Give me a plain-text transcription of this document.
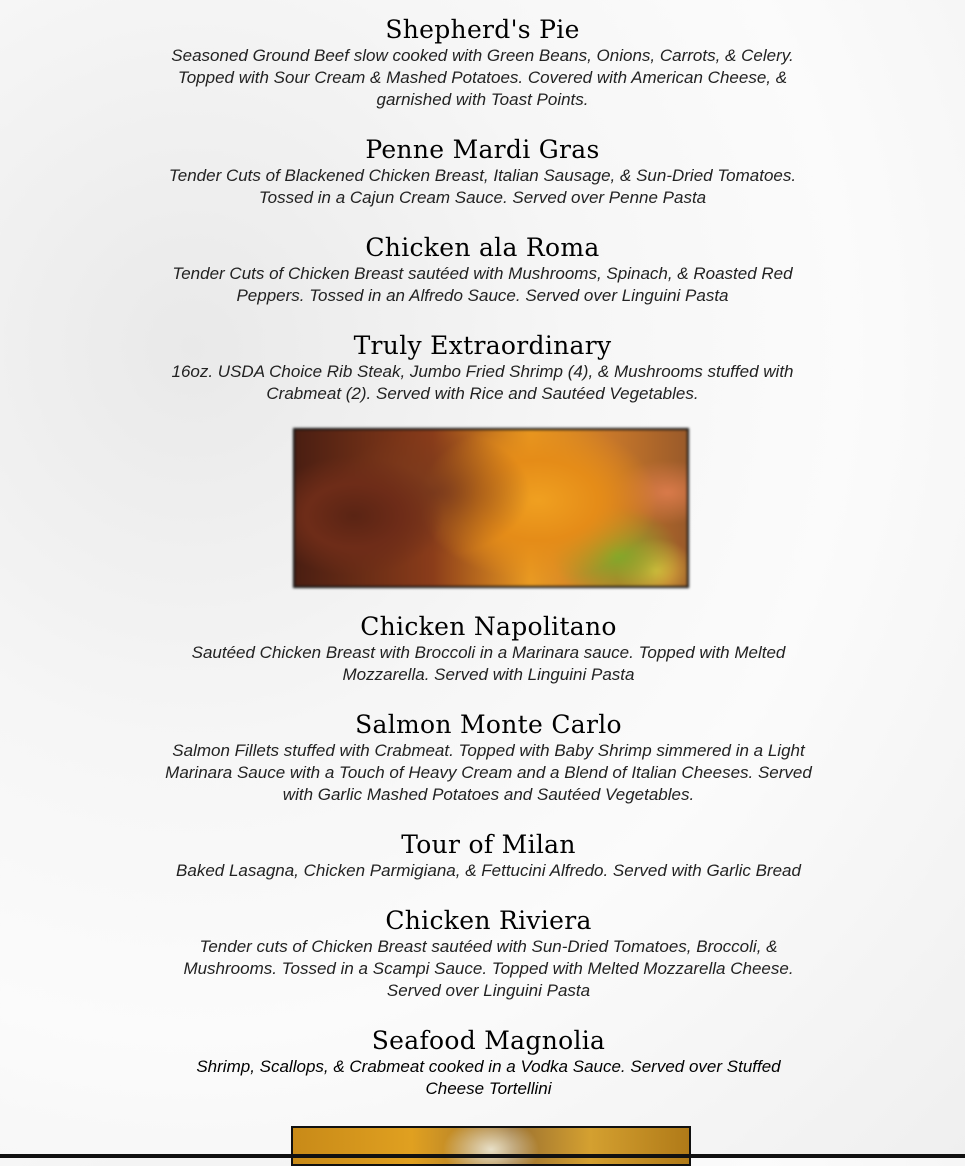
Shepherd's Pie

Seasoned Ground Beef slow cooked with Green Beans, Onions, Carrots, & Celery. Topped with Sour Cream & Mashed Potatoes. Covered with American Cheese, & garnished with Toast Points.

Penne Mardi Gras

Tender Cuts of Blackened Chicken Breast, Italian Sausage, & Sun-Dried Tomatoes. Tossed in a Cajun Cream Sauce. Served over Penne Pasta

Chicken ala Roma

Tender Cuts of Chicken Breast sautéed with Mushrooms, Spinach, & Roasted Red Peppers. Tossed in an Alfredo Sauce. Served over Linguini Pasta

Truly Extraordinary

16oz. USDA Choice Rib Steak, Jumbo Fried Shrimp (4), & Mushrooms stuffed with Crabmeat (2). Served with Rice and Sautéed Vegetables.

Chicken Napolitano

Sautéed Chicken Breast with Broccoli in a Marinara sauce. Topped with Melted Mozzarella. Served with Linguini Pasta

Salmon Monte Carlo

Salmon Fillets stuffed with Crabmeat. Topped with Baby Shrimp simmered in a Light Marinara Sauce with a Touch of Heavy Cream and a Blend of Italian Cheeses. Served with Garlic Mashed Potatoes and Sautéed Vegetables.

Tour of Milan

Baked Lasagna, Chicken Parmigiana, & Fettucini Alfredo. Served with Garlic Bread

Chicken Riviera

Tender cuts of Chicken Breast sautéed with Sun-Dried Tomatoes, Broccoli, & Mushrooms. Tossed in a Scampi Sauce. Topped with Melted Mozzarella Cheese. Served over Linguini Pasta

Seafood Magnolia

Shrimp, Scallops, & Crabmeat cooked in a Vodka Sauce. Served over Stuffed Cheese Tortellini
